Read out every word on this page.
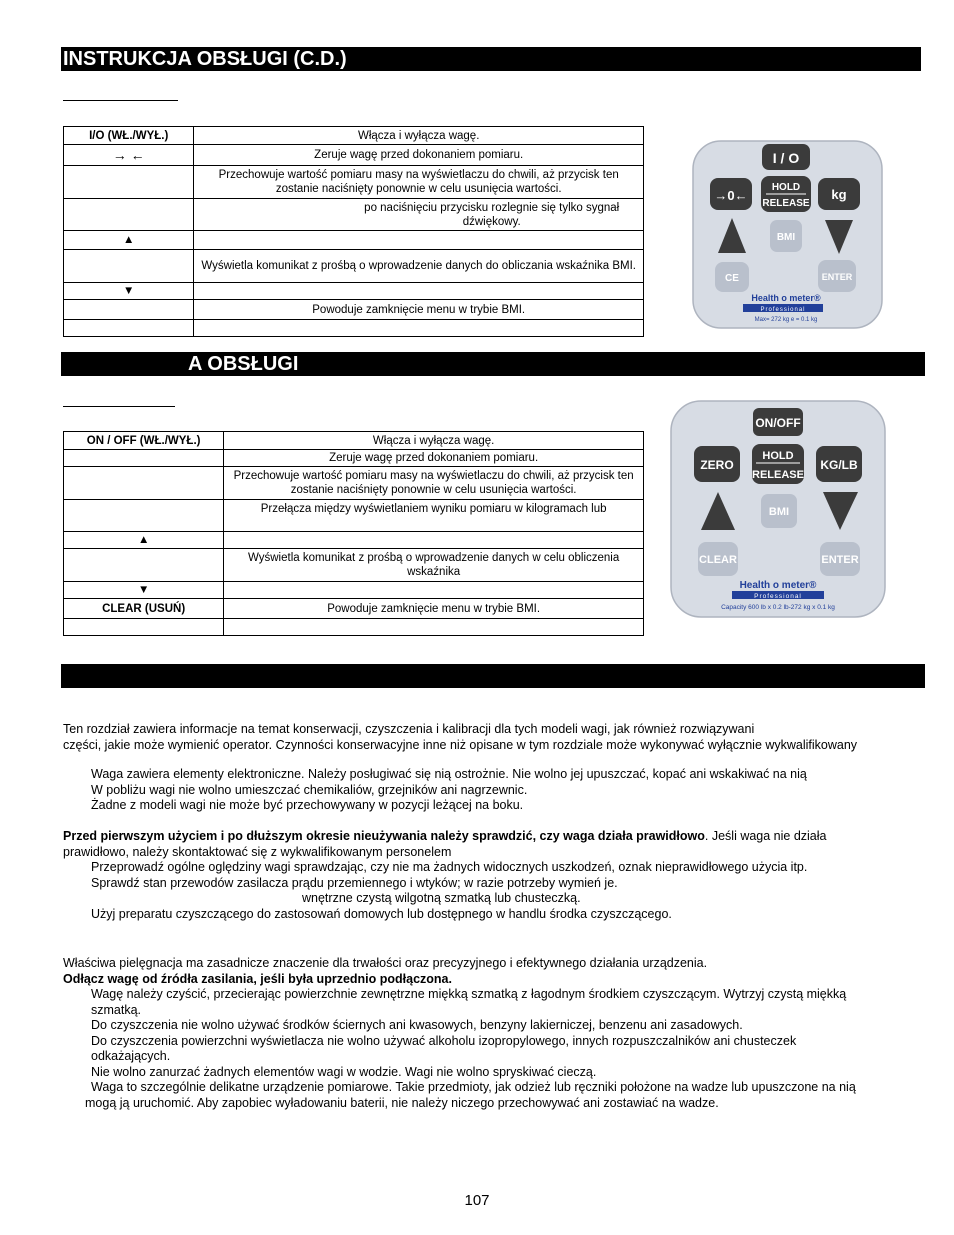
INSTRUKCJA OBSŁUGI (C.D.)
I/O (WŁ./WYŁ.)	Włącza i wyłącza wagę.
→ ←	Zeruje wagę przed dokonaniem pomiaru.
	Przechowuje wartość pomiaru masy na wyświetlaczu do chwili, aż przycisk ten zostanie naciśnięty ponownie w celu usunięcia wartości.
	po naciśnięciu przycisku rozlegnie się tylko sygnał dźwiękowy.
▲	
	Wyświetla komunikat z prośbą o wprowadzenie danych do obliczania wskaźnika BMI.
▼	
	Powoduje zamknięcie menu w trybie BMI.

I / O
→0←
HOLD
RELEASE
kg
BMI
CE	ENTER
Health o meter®
Professional
Max= 272 kg e = 0.1 kg
A OBSŁUGI
ON / OFF (WŁ./WYŁ.)	Włącza i wyłącza wagę.
	Zeruje wagę przed dokonaniem pomiaru.
	Przechowuje wartość pomiaru masy na wyświetlaczu do chwili, aż przycisk ten zostanie naciśnięty ponownie w celu usunięcia wartości.
	Przełącza między wyświetlaniem wyniku pomiaru w kilogramach lub
▲	
	Wyświetla komunikat z prośbą o wprowadzenie danych w celu obliczenia wskaźnika
▼	
CLEAR (USUŃ)	Powoduje zamknięcie menu w trybie BMI.

ON/OFF
ZERO
HOLD
RELEASE
KG/LB
BMI
CLEAR	ENTER
Health o meter®
Professional
Capacity 600 lb x 0.2 lb-272 kg x 0.1 kg
Ten rozdział zawiera informacje na temat konserwacji, czyszczenia i kalibracji dla tych modeli wagi, jak również rozwiązywani
części, jakie może wymienić operator. Czynności konserwacyjne inne niż opisane w tym rozdziale może wykonywać wyłącznie wykwalifikowany
Waga zawiera elementy elektroniczne. Należy posługiwać się nią ostrożnie. Nie wolno jej upuszczać, kopać ani wskakiwać na nią
W pobliżu wagi nie wolno umieszczać chemikaliów, grzejników ani nagrzewnic.
Żadne z modeli wagi nie może być przechowywany w pozycji leżącej na boku.
Przed pierwszym użyciem i po dłuższym okresie nieużywania należy sprawdzić, czy waga działa prawidłowo. Jeśli waga nie działa
prawidłowo, należy skontaktować się z wykwalifikowanym personelem
Przeprowadź ogólne oględziny wagi sprawdzając, czy nie ma żadnych widocznych uszkodzeń, oznak nieprawidłowego użycia itp.
Sprawdź stan przewodów zasilacza prądu przemiennego i wtyków; w razie potrzeby wymień je.
wnętrzne czystą wilgotną szmatką lub chusteczką.
Użyj preparatu czyszczącego do zastosowań domowych lub dostępnego w handlu środka czyszczącego.
Właściwa pielęgnacja ma zasadnicze znaczenie dla trwałości oraz precyzyjnego i efektywnego działania urządzenia.
Odłącz wagę od źródła zasilania, jeśli była uprzednio podłączona.
Wagę należy czyścić, przecierając powierzchnie zewnętrzne miękką szmatką z łagodnym środkiem czyszczącym. Wytrzyj czystą miękką
szmatką.
Do czyszczenia nie wolno używać środków ściernych ani kwasowych, benzyny lakierniczej, benzenu ani zasadowych.
Do czyszczenia powierzchni wyświetlacza nie wolno używać alkoholu izopropylowego, innych rozpuszczalników ani chusteczek
odkażających.
Nie wolno zanurzać żadnych elementów wagi w wodzie. Wagi nie wolno spryskiwać cieczą.
Waga to szczególnie delikatne urządzenie pomiarowe. Takie przedmioty, jak odzież lub ręczniki położone na wadze lub upuszczone na nią
mogą ją uruchomić. Aby zapobiec wyładowaniu baterii, nie należy niczego przechowywać ani zostawiać na wadze.
107
